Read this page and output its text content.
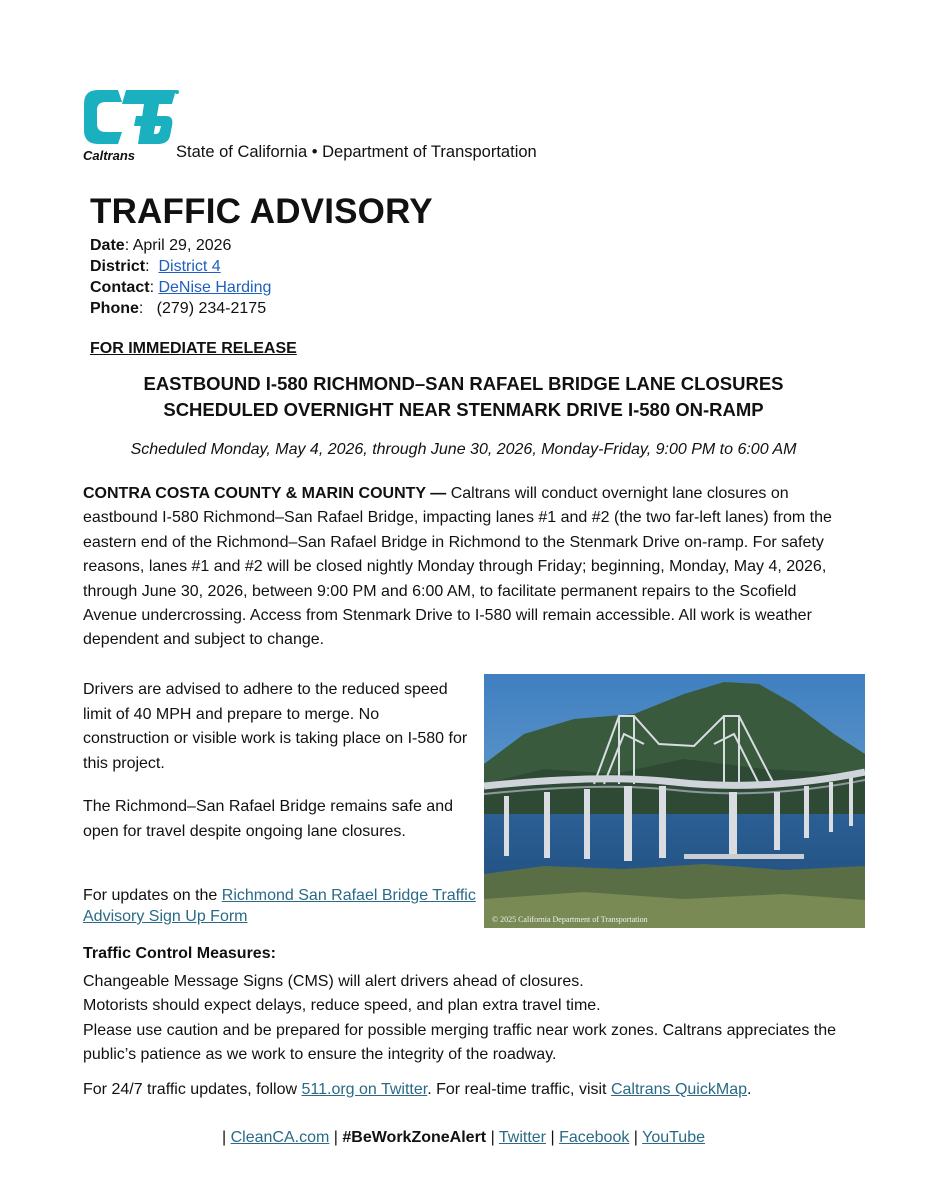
Caltrans State of California • Department of Transportation
TRAFFIC ADVISORY
Date: April 29, 2026
District:  District 4
Contact: DeNise Harding
Phone:   (279) 234-2175
FOR IMMEDIATE RELEASE
EASTBOUND I-580 RICHMOND–SAN RAFAEL BRIDGE LANE CLOSURES
SCHEDULED OVERNIGHT NEAR STENMARK DRIVE I-580 ON-RAMP
Scheduled Monday, May 4, 2026, through June 30, 2026, Monday-Friday, 9:00 PM to 6:00 AM
CONTRA COSTA COUNTY & MARIN COUNTY — Caltrans will conduct overnight lane closures on eastbound I-580 Richmond–San Rafael Bridge, impacting lanes #1 and #2 (the two far-left lanes) from the eastern end of the Richmond–San Rafael Bridge in Richmond to the Stenmark Drive on-ramp. For safety reasons, lanes #1 and #2 will be closed nightly Monday through Friday; beginning, Monday, May 4, 2026, through June 30, 2026, between 9:00 PM and 6:00 AM, to facilitate permanent repairs to the Scofield Avenue undercrossing. Access from Stenmark Drive to I-580 will remain accessible. All work is weather dependent and subject to change.
Drivers are advised to adhere to the reduced speed limit of 40 MPH and prepare to merge. No construction or visible work is taking place on I-580 for this project.
The Richmond–San Rafael Bridge remains safe and open for travel despite ongoing lane closures.
For updates on the Richmond San Rafael Bridge Traffic Advisory Sign Up Form	© 2025 California Department of Transportation
Traffic Control Measures:
Changeable Message Signs (CMS) will alert drivers ahead of closures.
Motorists should expect delays, reduce speed, and plan extra travel time.
Please use caution and be prepared for possible merging traffic near work zones. Caltrans appreciates the public’s patience as we work to ensure the integrity of the roadway.
For 24/7 traffic updates, follow 511.org on Twitter. For real-time traffic, visit Caltrans QuickMap.
| CleanCA.com | #BeWorkZoneAlert | Twitter | Facebook | YouTube
